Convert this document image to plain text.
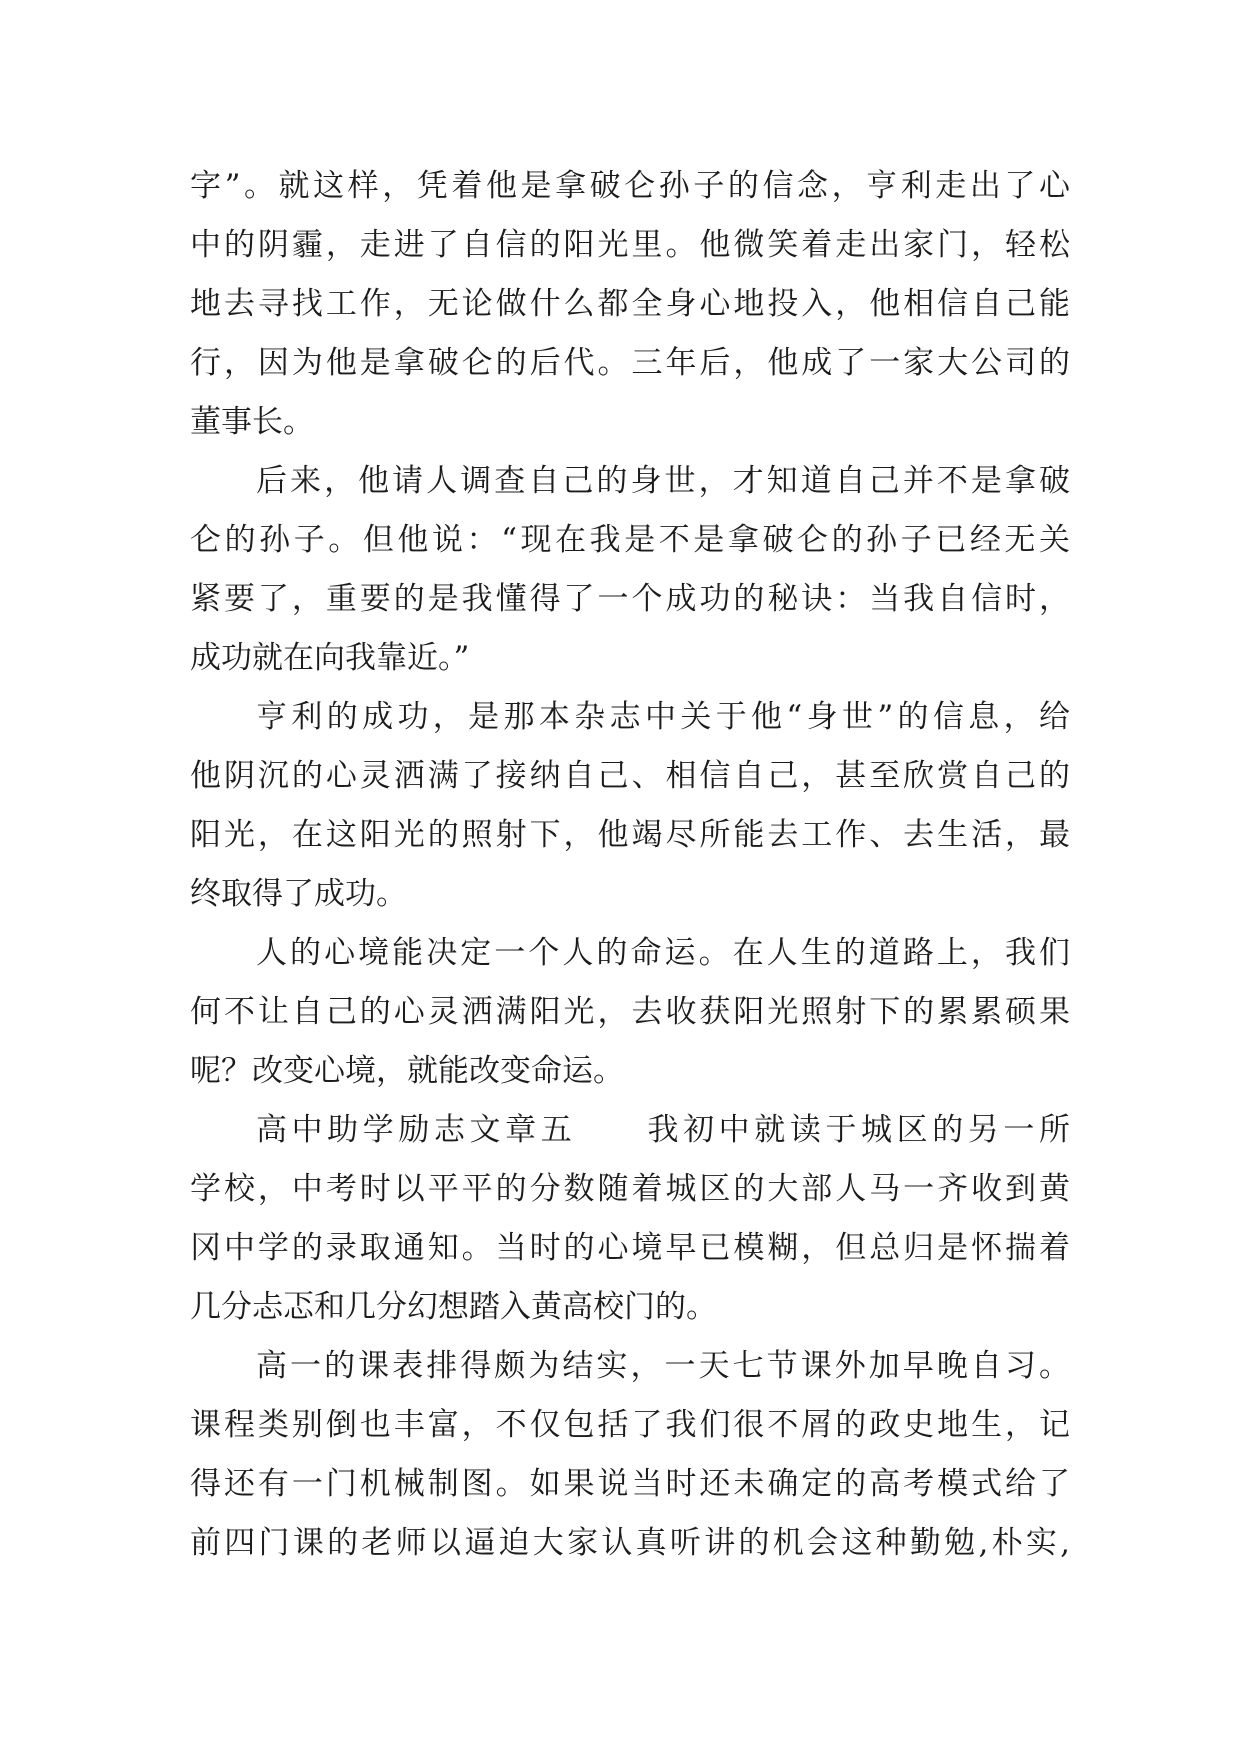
字”。就这样，凭着他是拿破仑孙子的信念，亨利走出了心
中的阴霾，走进了自信的阳光里。他微笑着走出家门，轻松
地去寻找工作，无论做什么都全身心地投入，他相信自己能
行，因为他是拿破仑的后代。三年后，他成了一家大公司的
董事长。
后来，他请人调查自己的身世，才知道自己并不是拿破
仑的孙子。但他说：“现在我是不是拿破仑的孙子已经无关
紧要了，重要的是我懂得了一个成功的秘诀：当我自信时，
成功就在向我靠近。”
亨利的成功，是那本杂志中关于他“身世”的信息，给
他阴沉的心灵洒满了接纳自己、相信自己，甚至欣赏自己的
阳光，在这阳光的照射下，他竭尽所能去工作、去生活，最
终取得了成功。
人的心境能决定一个人的命运。在人生的道路上，我们
何不让自己的心灵洒满阳光，去收获阳光照射下的累累硕果
呢？改变心境，就能改变命运。
高中助学励志文章五　　我初中就读于城区的另一所
学校，中考时以平平的分数随着城区的大部人马一齐收到黄
冈中学的录取通知。当时的心境早已模糊，但总归是怀揣着
几分忐忑和几分幻想踏入黄高校门的。
高一的课表排得颇为结实，一天七节课外加早晚自习。
课程类别倒也丰富，不仅包括了我们很不屑的政史地生，记
得还有一门机械制图。如果说当时还未确定的高考模式给了
前四门课的老师以逼迫大家认真听讲的机会这种勤勉,朴实,
